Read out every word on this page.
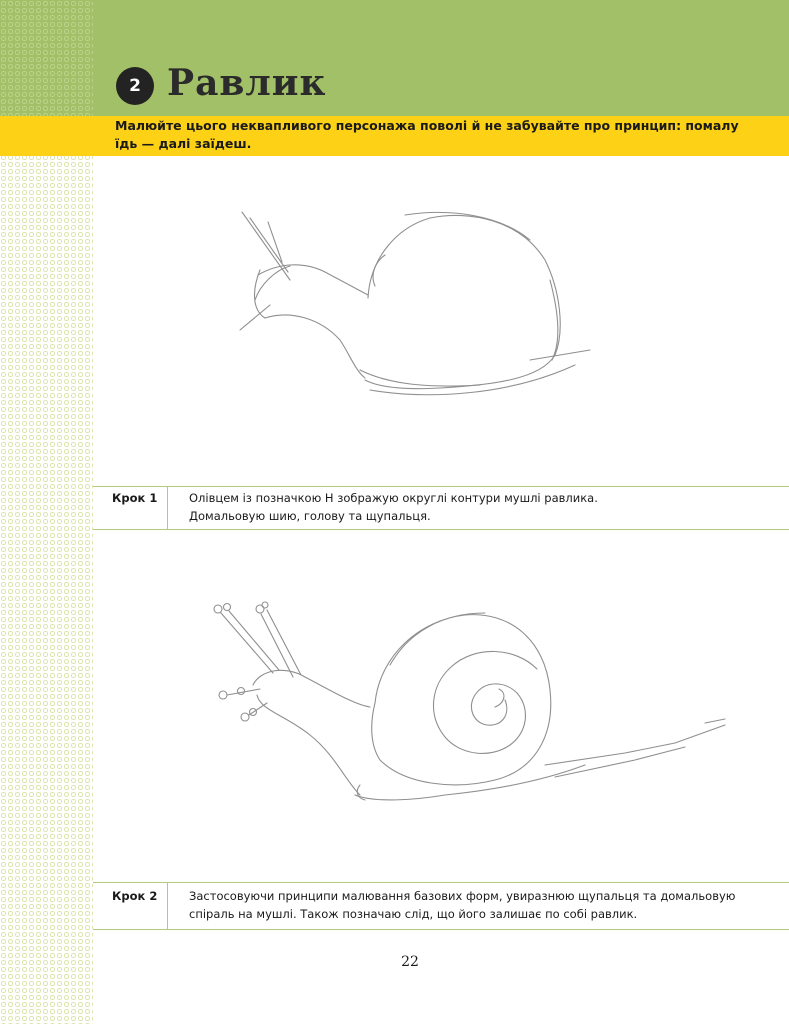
2 Равлик
Малюйте цього неквапливого персонажа поволі й не забувайте про принцип: помалу їдь — далі заїдеш.
Крок 1	Олівцем із позначкою H зображую округлі контури мушлі равлика.
Домальовую шию, голову та щупальця.
Крок 2	Застосовуючи принципи малювання базових форм, увиразнюю щупальця та домальовую
спіраль на мушлі. Також позначаю слід, що його залишає по собі равлик.
22
